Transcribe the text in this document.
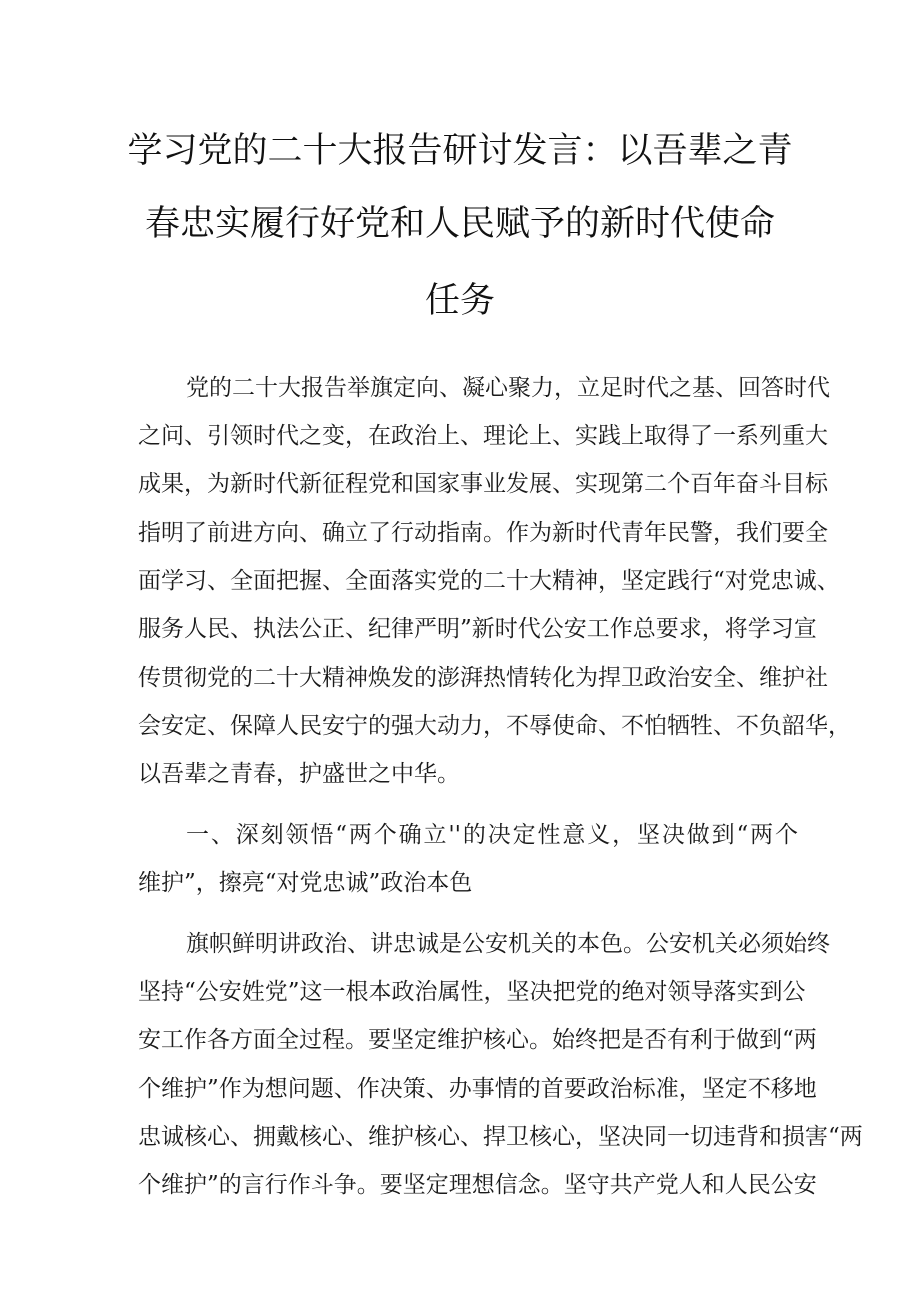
学习党的二十大报告研讨发言：以吾辈之青
春忠实履行好党和人民赋予的新时代使命
任务
党的二十大报告举旗定向、凝心聚力，立足时代之基、回答时代
之问、引领时代之变，在政治上、理论上、实践上取得了一系列重大
成果，为新时代新征程党和国家事业发展、实现第二个百年奋斗目标
指明了前进方向、确立了行动指南。作为新时代青年民警，我们要全
面学习、全面把握、全面落实党的二十大精神，坚定践行“对党忠诚、
服务人民、执法公正、纪律严明”新时代公安工作总要求，将学习宣
传贯彻党的二十大精神焕发的澎湃热情转化为捍卫政治安全、维护社
会安定、保障人民安宁的强大动力，不辱使命、不怕牺牲、不负韶华，
以吾辈之青春，护盛世之中华。
一、深刻领悟“两个确立''的决定性意义，坚决做到“两个
维护”，擦亮“对党忠诚”政治本色
旗帜鲜明讲政治、讲忠诚是公安机关的本色。公安机关必须始终
坚持“公安姓党”这一根本政治属性，坚决把党的绝对领导落实到公
安工作各方面全过程。要坚定维护核心。始终把是否有利于做到“两
个维护”作为想问题、作决策、办事情的首要政治标准，坚定不移地
忠诚核心、拥戴核心、维护核心、捍卫核心，坚决同一切违背和损害“两
个维护”的言行作斗争。要坚定理想信念。坚守共产党人和人民公安
